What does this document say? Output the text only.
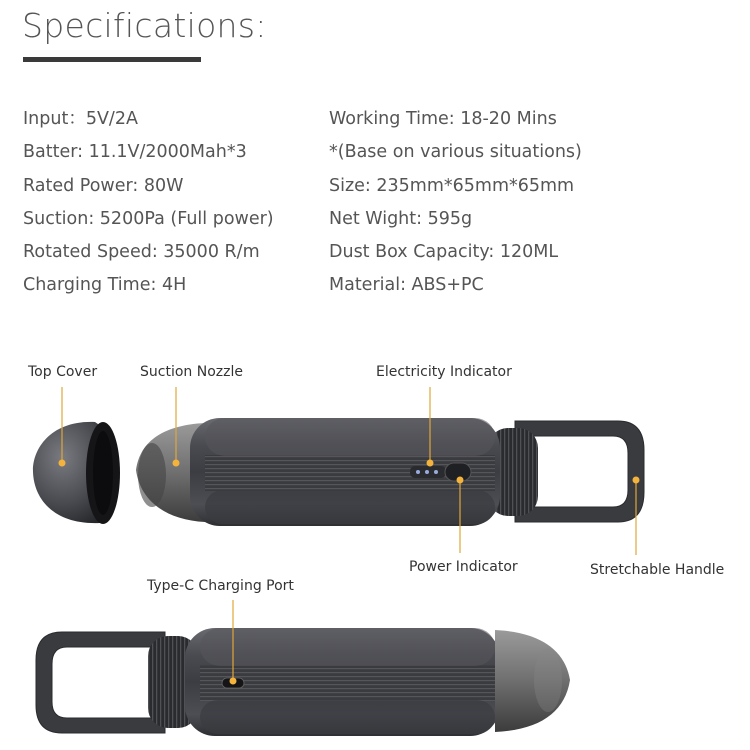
Specifications:
Input：5V/2A
Batter: 11.1V/2000Mah*3
Rated Power: 80W
Suction: 5200Pa (Full power)
Rotated Speed: 35000 R/m
Charging Time: 4H
Working Time: 18-20 Mins
*(Base on various situations)
Size: 235mm*65mm*65mm
Net Wight: 595g
Dust Box Capacity: 120ML
Material: ABS+PC
Top Cover	Suction Nozzle	Electricity Indicator
Power Indicator	Stretchable Handle
Type-C Charging Port
